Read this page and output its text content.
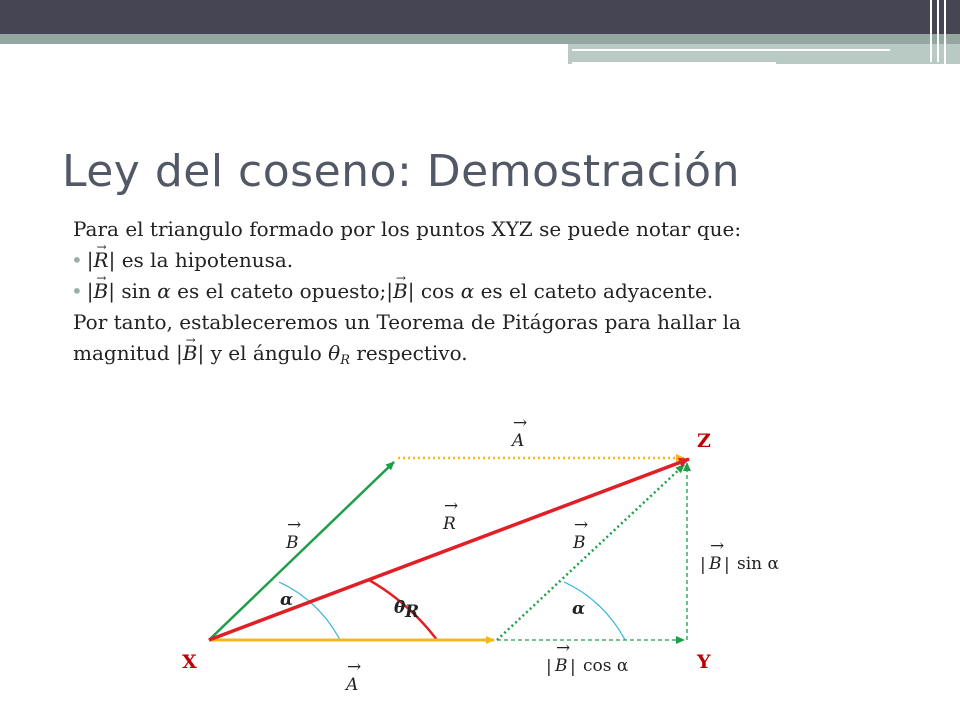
Ley del coseno: Demostración
Para el triangulo formado por los puntos XYZ se puede notar que:
• |→ R| es la hipotenusa.
• |→ B| sin α es el cateto opuesto;|→ B| cos α es el cateto adyacente.
Por tanto, estableceremos un Teorema de Pitágoras para hallar la
magnitud |→ B| y el ángulo $\theta_R$ respectivo.
X	Y
Z
→
A
→
A
→
B
→
B
→
R
α	α
θ R
|
→
B | sin α
|
→
B | cos α
